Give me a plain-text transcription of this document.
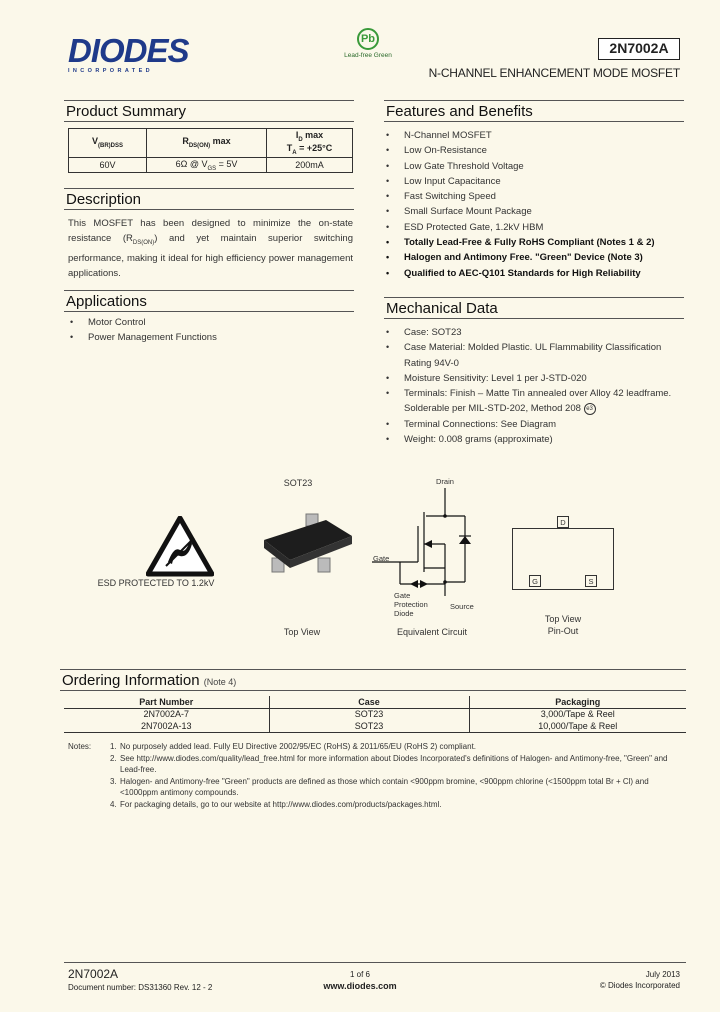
DIODES
INCORPORATED
Pb
Lead-free Green	2N7002A
N-CHANNEL ENHANCEMENT MODE MOSFET
Product Summary
$V_{(BR)DSS}$	$R_{DS(ON)}$ max	$I_D$ max
$T_A = +25^\circ C$

60V	6Ω @ $V_{GS} = 5V$	200mA
Description
This MOSFET has been designed to minimize the on-state resistance $(R_{DS(ON)})$ and yet maintain superior switching performance, making it ideal for high efficiency power management applications.
Applications
• Motor Control
• Power Management Functions
Features and Benefits
• N-Channel MOSFET
• Low On-Resistance
• Low Gate Threshold Voltage
• Low Input Capacitance
• Fast Switching Speed
• Small Surface Mount Package
• ESD Protected Gate, 1.2kV HBM
• Totally Lead-Free & Fully RoHS Compliant (Notes 1 & 2)
• Halogen and Antimony Free. "Green" Device (Note 3)
• Qualified to AEC-Q101 Standards for High Reliability
Mechanical Data
• Case: SOT23
• Case Material: Molded Plastic. UL Flammability Classification Rating 94V-0
• Moisture Sensitivity: Level 1 per J-STD-020
• Terminals: Finish – Matte Tin annealed over Alloy 42 leadframe. Solderable per MIL-STD-202, Method 208 e3
• Terminal Connections: See Diagram
• Weight: 0.008 grams (approximate)
ESD PROTECTED TO 1.2kV
SOT23
Top View
Drain
Gate
Source
Gate
Protection
Diode
Equivalent Circuit
D
G	S
Top View
Pin-Out
Ordering Information (Note 4)
Part Number	Case	Packaging
2N7002A-7	SOT23	3,000/Tape & Reel
2N7002A-13	SOT23	10,000/Tape & Reel
Notes: 1. No purposely added lead. Fully EU Directive 2002/95/EC (RoHS) & 2011/65/EU (RoHS 2) compliant.
2. See http://www.diodes.com/quality/lead_free.html for more information about Diodes Incorporated's definitions of Halogen- and Antimony-free, "Green" and Lead-free.
3. Halogen- and Antimony-free "Green" products are defined as those which contain <900ppm bromine, <900ppm chlorine (<1500ppm total Br + Cl) and <1000ppm antimony compounds.
4. For packaging details, go to our website at http://www.diodes.com/products/packages.html.
2N7002A
Document number: DS31360 Rev. 12 - 2
1 of 6
www.diodes.com
July 2013
© Diodes Incorporated
